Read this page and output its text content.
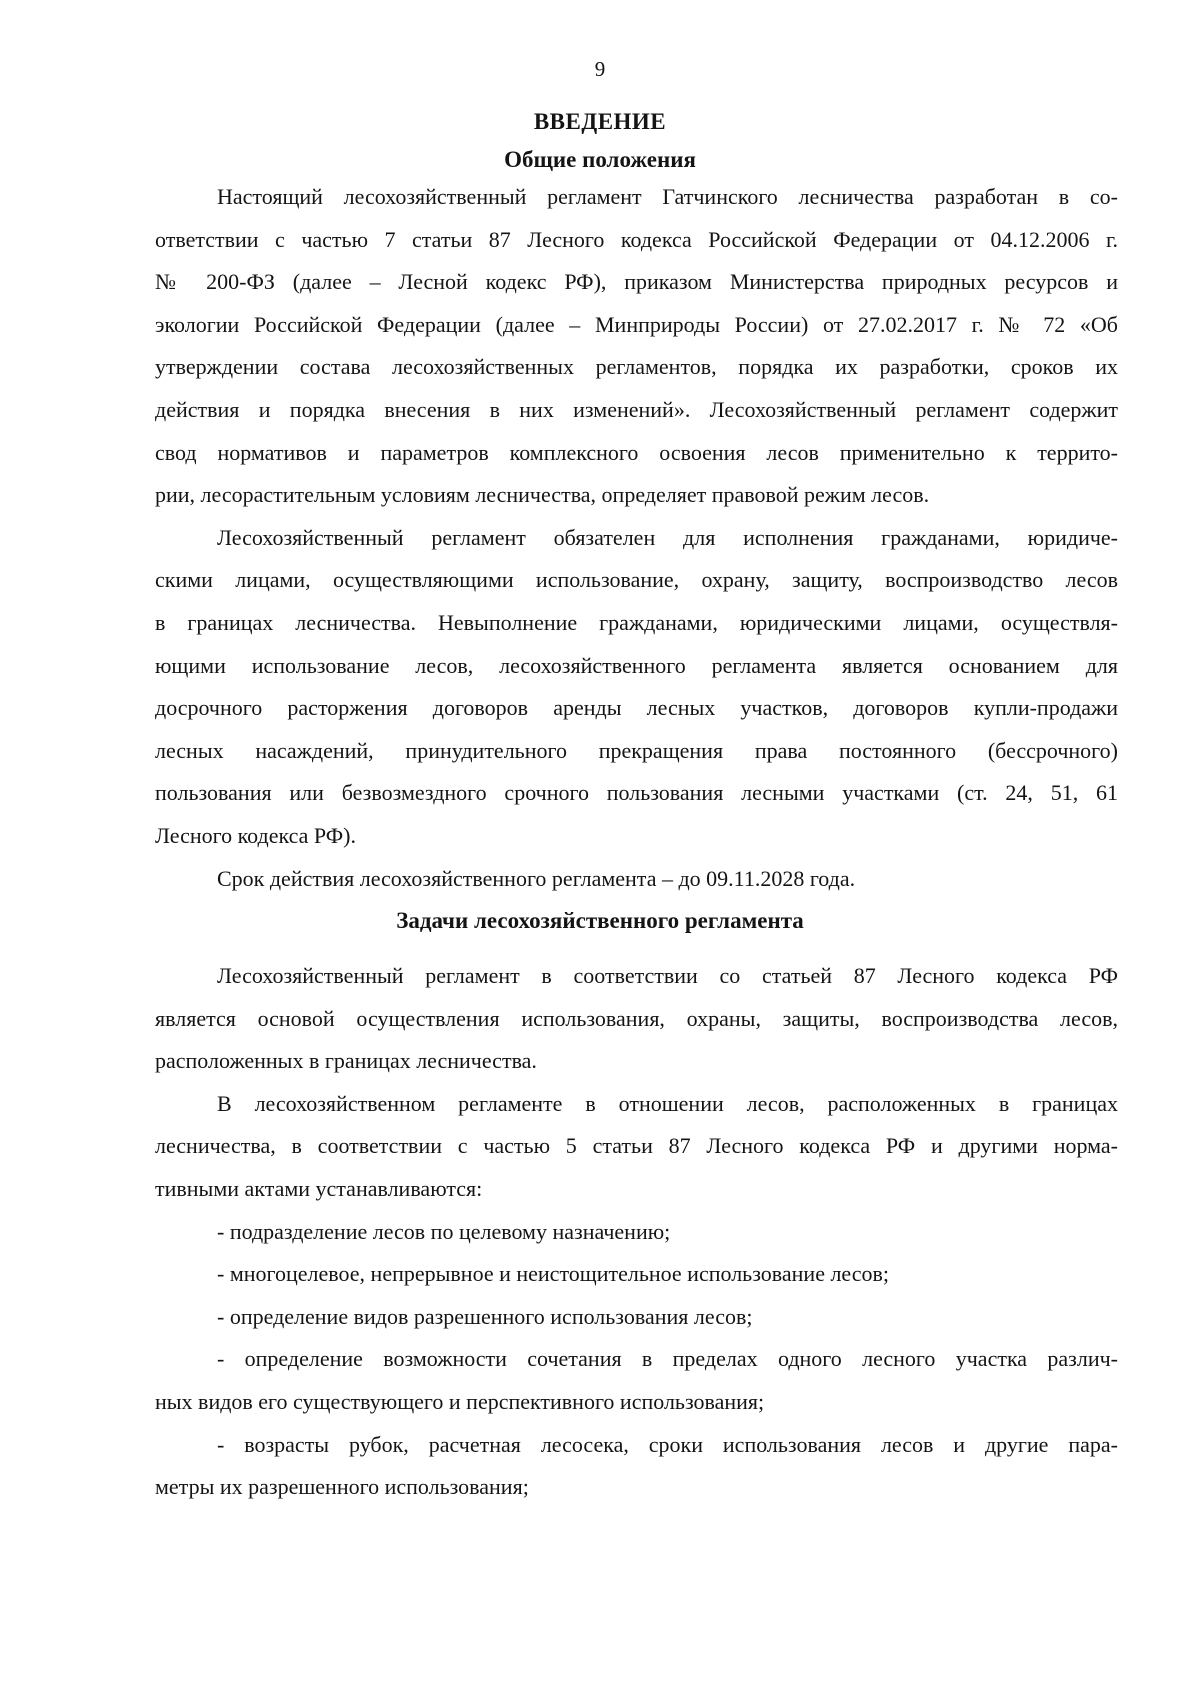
9
ВВЕДЕНИЕ
Общие положения
Настоящий лесохозяйственный регламент Гатчинского лесничества разработан в со-
ответствии с частью 7 статьи 87 Лесного кодекса Российской Федерации от 04.12.2006 г.
№ 200-ФЗ (далее – Лесной кодекс РФ), приказом Министерства природных ресурсов и
экологии Российской Федерации (далее – Минприроды России) от 27.02.2017 г. № 72 «Об
утверждении состава лесохозяйственных регламентов, порядка их разработки, сроков их
действия и порядка внесения в них изменений». Лесохозяйственный регламент содержит
свод нормативов и параметров комплексного освоения лесов применительно к террито-
рии, лесорастительным условиям лесничества, определяет правовой режим лесов.
Лесохозяйственный регламент обязателен для исполнения гражданами, юридиче-
скими лицами, осуществляющими использование, охрану, защиту, воспроизводство лесов
в границах лесничества. Невыполнение гражданами, юридическими лицами, осуществля-
ющими использование лесов, лесохозяйственного регламента является основанием для
досрочного расторжения договоров аренды лесных участков, договоров купли-продажи
лесных насаждений, принудительного прекращения права постоянного (бессрочного)
пользования или безвозмездного срочного пользования лесными участками (ст. 24, 51, 61
Лесного кодекса РФ).
Срок действия лесохозяйственного регламента – до 09.11.2028 года.
Задачи лесохозяйственного регламента
Лесохозяйственный регламент в соответствии со статьей 87 Лесного кодекса РФ
является основой осуществления использования, охраны, защиты, воспроизводства лесов,
расположенных в границах лесничества.
В лесохозяйственном регламенте в отношении лесов, расположенных в границах
лесничества, в соответствии с частью 5 статьи 87 Лесного кодекса РФ и другими норма-
тивными актами устанавливаются:
- подразделение лесов по целевому назначению;
- многоцелевое, непрерывное и неистощительное использование лесов;
- определение видов разрешенного использования лесов;
- определение возможности сочетания в пределах одного лесного участка различ-
ных видов его существующего и перспективного использования;
- возрасты рубок, расчетная лесосека, сроки использования лесов и другие пара-
метры их разрешенного использования;
